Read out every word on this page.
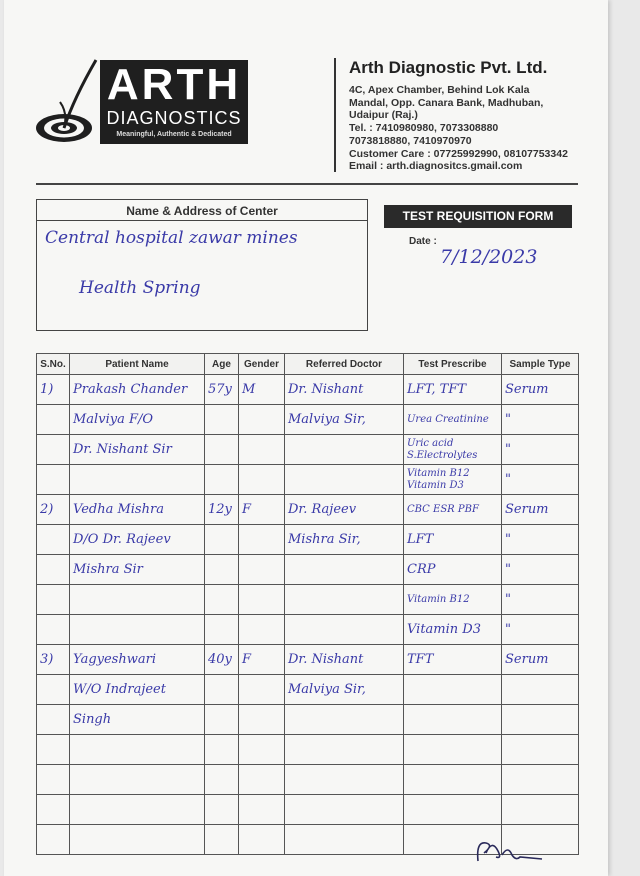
ARTH
DIAGNOSTICS
Meaningful, Authentic & Dedicated
Arth Diagnostic Pvt. Ltd.
4C, Apex Chamber, Behind Lok Kala
Mandal, Opp. Canara Bank, Madhuban,
Udaipur (Raj.)
Tel. : 7410980980, 7073308880
7073818880, 7410970970
Customer Care : 07725992990, 08107753342
Email : arth.diagnositcs.gmail.com
Name & Address of Center
Central hospital zawar mines
Health Spring
TEST REQUISITION FORM
Date :
7/12/2023
S.No.	Patient Name	Age	Gender	Referred Doctor	Test Prescribe	Sample Type

1)	Prakash Chander	57y	M	Dr. Nishant	LFT, TFT	Serum

	Malviya F/O			Malviya Sir,	Urea Creatinine	"

	Dr. Nishant Sir				Uric acid S.Electrolytes	"

					Vitamin B12 Vitamin D3	"

2)	Vedha Mishra	12y	F	Dr. Rajeev	CBC ESR PBF	Serum

	D/O Dr. Rajeev			Mishra Sir,	LFT	"

	Mishra Sir				CRP	"

					Vitamin B12	"

					Vitamin D3	"

3)	Yagyeshwari	40y	F	Dr. Nishant	TFT	Serum

	W/O Indrajeet			Malviya Sir,		

	Singh					
